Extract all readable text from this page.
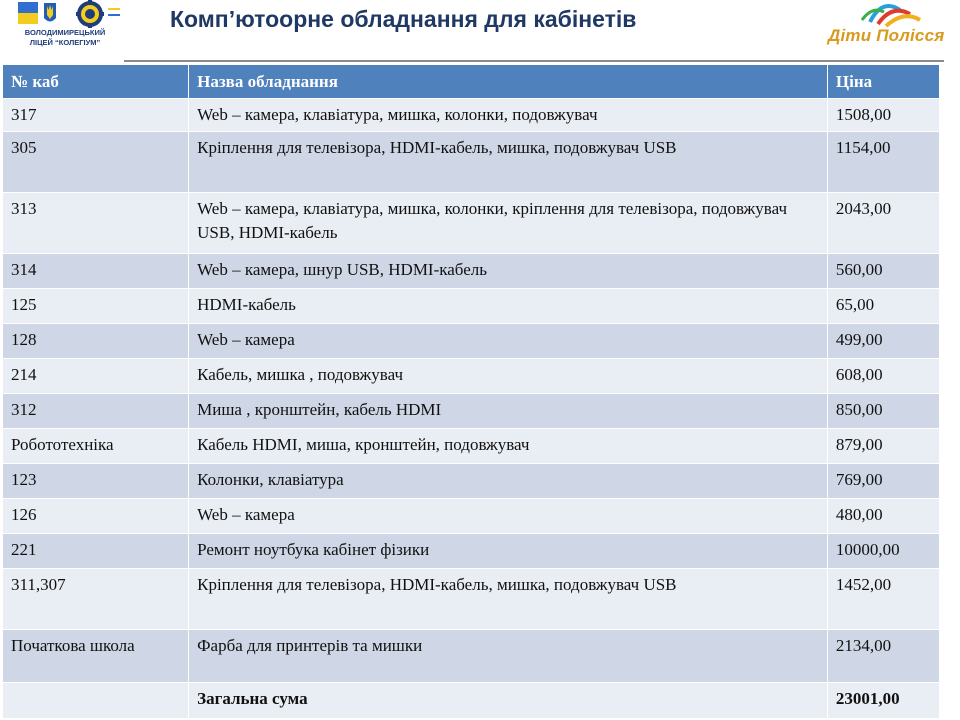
ВОЛОДИМИРЕЦЬКИЙ
ЛІЦЕЙ “КОЛЕГІУМ”
Комп’ютоорне обладнання для кабінетів
Діти Полісся
№ каб	Назва обладнання	Ціна
317	Web – камера, клавіатура, мишка, колонки, подовжувач	1508,00
305	Кріплення для телевізора, HDMI-кабель, мишка, подовжувач USB	1154,00
313	Web – камера, клавіатура, мишка, колонки, кріплення для телевізора, подовжувач USB, HDMI-кабель	2043,00
314	Web – камера, шнур USB, HDMI-кабель	560,00
125	HDMI-кабель	65,00
128	Web – камера	499,00
214	Кабель, мишка , подовжувач	608,00
312	Миша , кронштейн, кабель HDMI	850,00
Робототехніка	Кабель HDMI, миша, кронштейн, подовжувач	879,00
123	Колонки, клавіатура	769,00
126	Web – камера	480,00
221	Ремонт ноутбука кабінет фізики	10000,00
311,307	Кріплення для телевізора, HDMI-кабель, мишка, подовжувач USB	1452,00
Початкова школа	Фарба для принтерів та мишки	2134,00
	Загальна сума	23001,00
